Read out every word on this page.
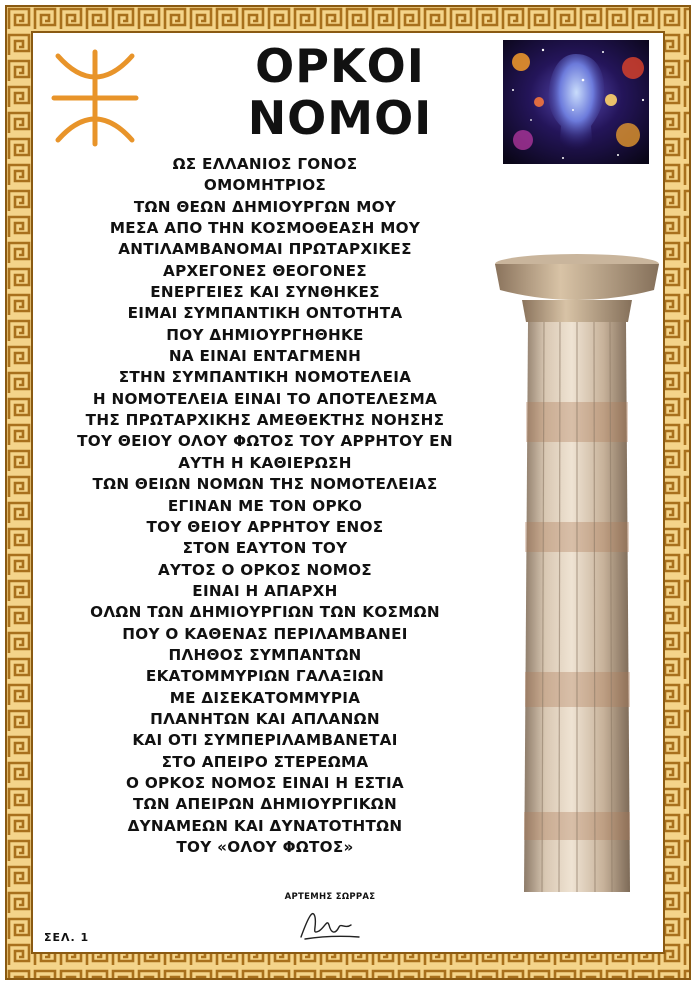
ΟΡΚΟΙ
ΝΟΜΟΙ
ΩΣ ΕΛΛΑΝΙΟΣ ΓΟΝΟΣ
ΟΜΟΜΗΤΡΙΟΣ
ΤΩΝ ΘΕΩΝ ΔΗΜΙΟΥΡΓΩΝ ΜΟΥ
ΜΕΣΑ ΑΠΟ ΤΗΝ ΚΟΣΜΟΘΕΑΣΗ ΜΟΥ
ΑΝΤΙΛΑΜΒΑΝΟΜΑΙ ΠΡΩΤΑΡΧΙΚΕΣ
ΑΡΧΕΓΟΝΕΣ ΘΕΟΓΟΝΕΣ
ΕΝΕΡΓΕΙΕΣ ΚΑΙ ΣΥΝΘΗΚΕΣ
ΕΙΜΑΙ ΣΥΜΠΑΝΤΙΚΗ ΟΝΤΟΤΗΤΑ
ΠΟΥ ΔΗΜΙΟΥΡΓΗΘΗΚΕ
ΝΑ ΕΙΝΑΙ ΕΝΤΑΓΜΕΝΗ
ΣΤΗΝ ΣΥΜΠΑΝΤΙΚΗ ΝΟΜΟΤΕΛΕΙΑ
Η ΝΟΜΟΤΕΛΕΙΑ ΕΙΝΑΙ ΤΟ ΑΠΟΤΕΛΕΣΜΑ
ΤΗΣ ΠΡΩΤΑΡΧΙΚΗΣ ΑΜΕΘΕΚΤΗΣ ΝΟΗΣΗΣ
ΤΟΥ ΘΕΙΟΥ ΟΛΟΥ ΦΩΤΟΣ ΤΟΥ ΑΡΡΗΤΟΥ ΕΝ
ΑΥΤΗ Η ΚΑΘΙΕΡΩΣΗ
ΤΩΝ ΘΕΙΩΝ ΝΟΜΩΝ ΤΗΣ ΝΟΜΟΤΕΛΕΙΑΣ
ΕΓΙΝΑΝ ΜΕ ΤΟΝ ΟΡΚΟ
ΤΟΥ ΘΕΙΟΥ ΑΡΡΗΤΟΥ ΕΝΟΣ
ΣΤΟΝ ΕΑΥΤΟΝ ΤΟΥ
ΑΥΤΟΣ Ο ΟΡΚΟΣ ΝΟΜΟΣ
ΕΙΝΑΙ Η ΑΠΑΡΧΗ
ΟΛΩΝ ΤΩΝ ΔΗΜΙΟΥΡΓΙΩΝ ΤΩΝ ΚΟΣΜΩΝ
ΠΟΥ Ο ΚΑΘΕΝΑΣ ΠΕΡΙΛΑΜΒΑΝΕΙ
ΠΛΗΘΟΣ ΣΥΜΠΑΝΤΩΝ
ΕΚΑΤΟΜΜΥΡΙΩΝ ΓΑΛΑΞΙΩΝ
ΜΕ ΔΙΣΕΚΑΤΟΜΜΥΡΙΑ
ΠΛΑΝΗΤΩΝ ΚΑΙ ΑΠΛΑΝΩΝ
ΚΑΙ ΟΤΙ ΣΥΜΠΕΡΙΛΑΜΒΑΝΕΤΑΙ
ΣΤΟ ΑΠΕΙΡΟ ΣΤΕΡΕΩΜΑ
Ο ΟΡΚΟΣ ΝΟΜΟΣ ΕΙΝΑΙ Η ΕΣΤΙΑ
ΤΩΝ ΑΠΕΙΡΩΝ ΔΗΜΙΟΥΡΓΙΚΩΝ
ΔΥΝΑΜΕΩΝ ΚΑΙ ΔΥΝΑΤΟΤΗΤΩΝ
ΤΟΥ «ΟΛΟΥ ΦΩΤΟΣ»
ΑΡΤΕΜΗΣ ΣΩΡΡΑΣ
ΣΕΛ. 1
